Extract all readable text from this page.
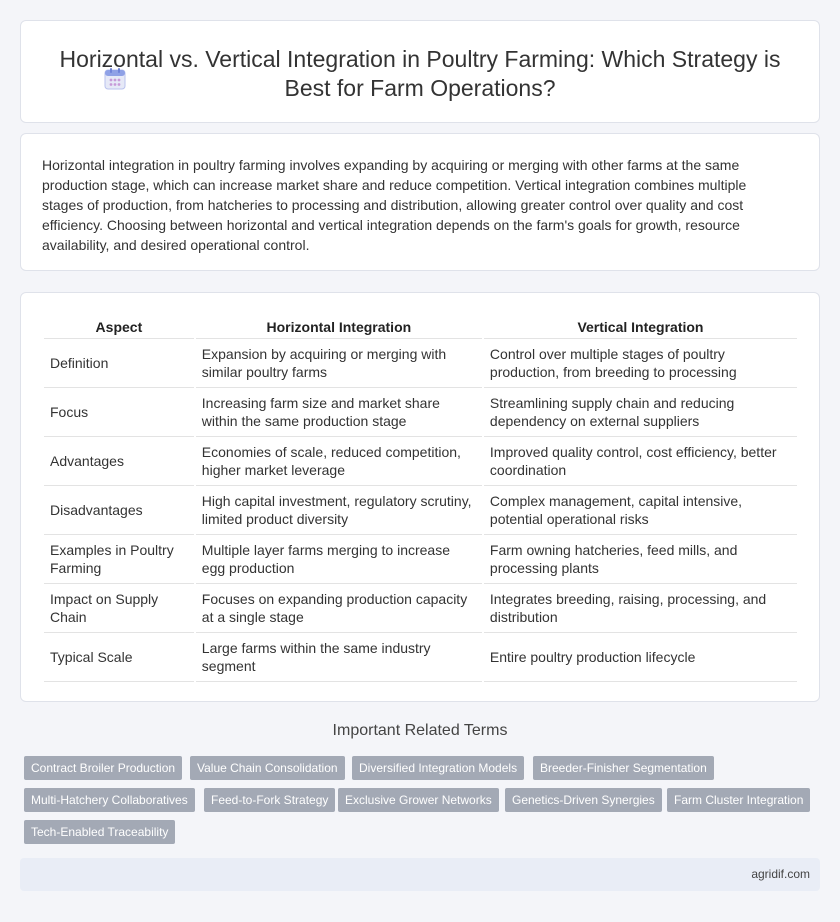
Horizontal vs. Vertical Integration in Poultry Farming: Which Strategy is Best for Farm Operations?

Horizontal integration in poultry farming involves expanding by acquiring or merging with other farms at the same production stage, which can increase market share and reduce competition. Vertical integration combines multiple stages of production, from hatcheries to processing and distribution, allowing greater control over quality and cost efficiency. Choosing between horizontal and vertical integration depends on the farm's goals for growth, resource availability, and desired operational control.

Aspect	Horizontal Integration	Vertical Integration
Definition	Expansion by acquiring or merging with similar poultry farms	Control over multiple stages of poultry production, from breeding to processing
Focus	Increasing farm size and market share within the same production stage	Streamlining supply chain and reducing dependency on external suppliers
Advantages	Economies of scale, reduced competition, higher market leverage	Improved quality control, cost efficiency, better coordination
Disadvantages	High capital investment, regulatory scrutiny, limited product diversity	Complex management, capital intensive, potential operational risks
Examples in Poultry Farming	Multiple layer farms merging to increase egg production	Farm owning hatcheries, feed mills, and processing plants
Impact on Supply Chain	Focuses on expanding production capacity at a single stage	Integrates breeding, raising, processing, and distribution
Typical Scale	Large farms within the same industry segment	Entire poultry production lifecycle
Important Related Terms
Contract Broiler Production	Value Chain Consolidation	Diversified Integration Models	Breeder-Finisher Segmentation
Multi-Hatchery Collaboratives	Feed-to-Fork Strategy	Exclusive Grower Networks	Genetics-Driven Synergies	Farm Cluster Integration
Tech-Enabled Traceability
agridif.com
